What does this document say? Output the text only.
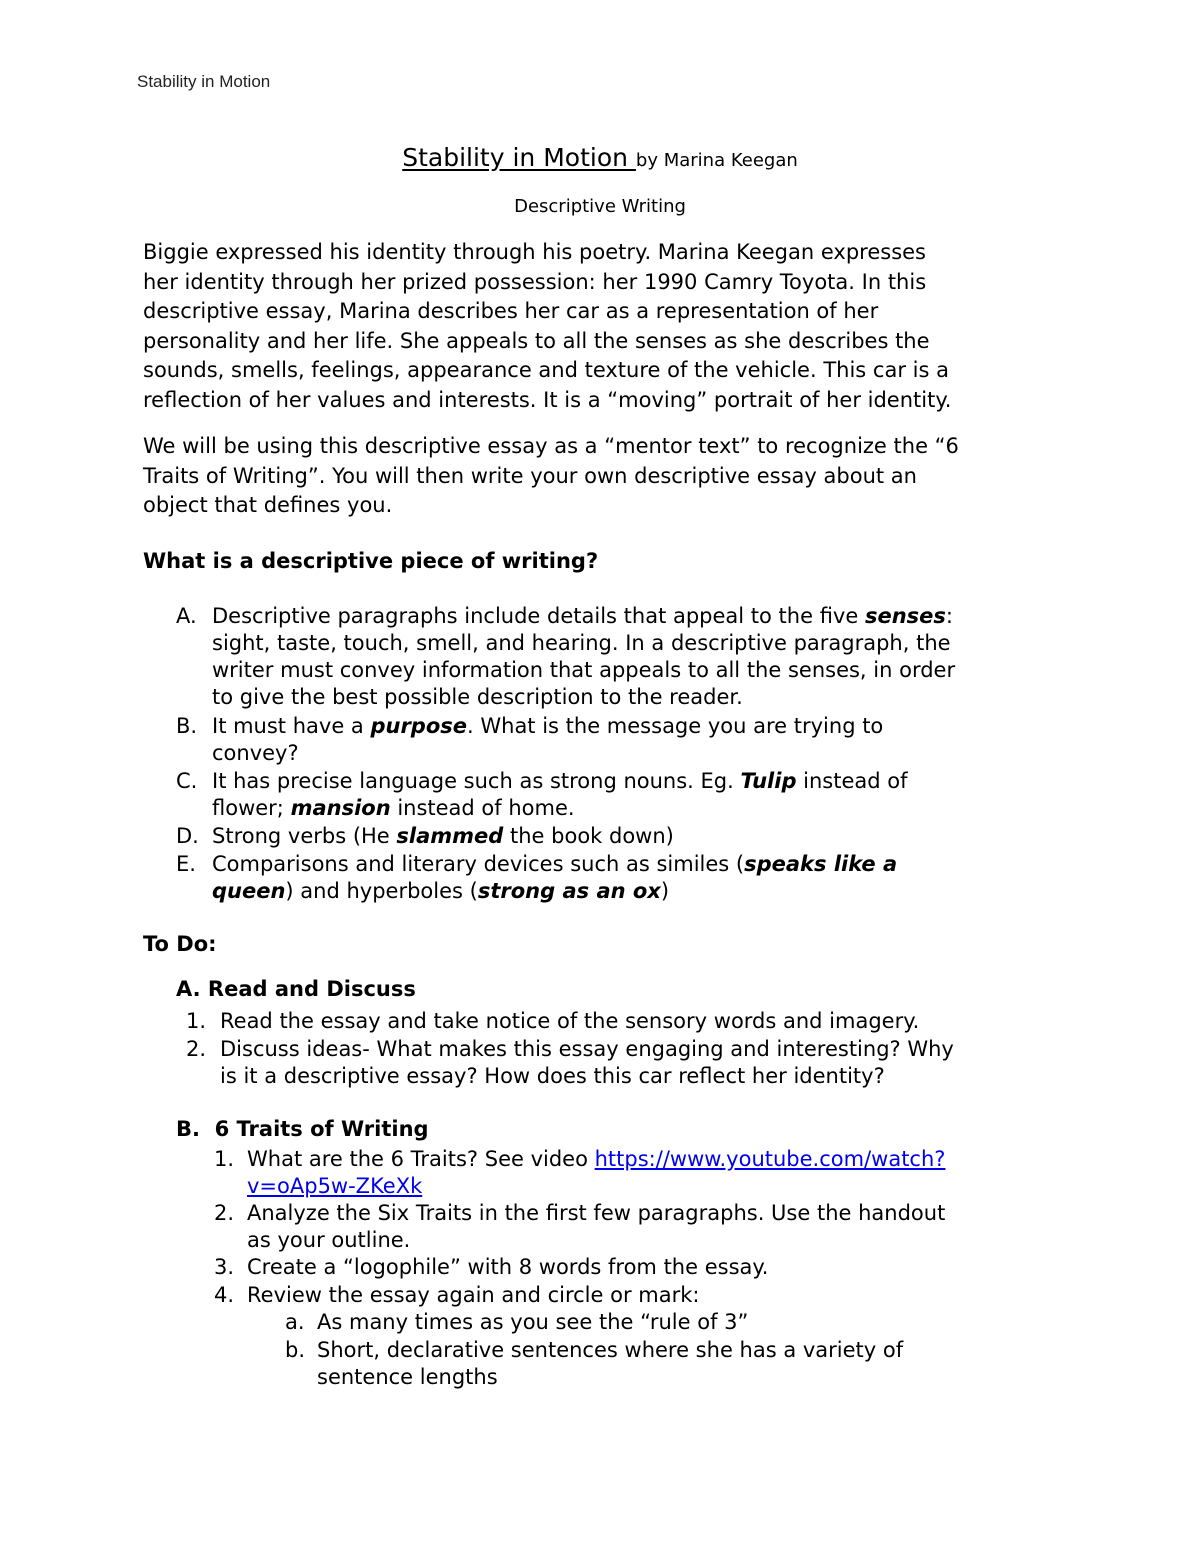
Stability in Motion
Stability in Motion by Marina Keegan
Descriptive Writing
Biggie expressed his identity through his poetry. Marina Keegan expresses
her identity through her prized possession: her 1990 Camry Toyota. In this
descriptive essay, Marina describes her car as a representation of her
personality and her life. She appeals to all the senses as she describes the
sounds, smells, feelings, appearance and texture of the vehicle. This car is a
reflection of her values and interests. It is a “moving” portrait of her identity.
We will be using this descriptive essay as a “mentor text” to recognize the “6
Traits of Writing”. You will then write your own descriptive essay about an
object that defines you.
What is a descriptive piece of writing?
A. Descriptive paragraphs include details that appeal to the five senses:
sight, taste, touch, smell, and hearing. In a descriptive paragraph, the
writer must convey information that appeals to all the senses, in order
to give the best possible description to the reader.
B. It must have a purpose. What is the message you are trying to
convey?
C. It has precise language such as strong nouns. Eg. Tulip instead of
flower; mansion instead of home.
D. Strong verbs (He slammed the book down)
E. Comparisons and literary devices such as similes (speaks like a
queen) and hyperboles (strong as an ox)
To Do:
A. Read and Discuss
1. Read the essay and take notice of the sensory words and imagery.
2. Discuss ideas- What makes this essay engaging and interesting? Why
is it a descriptive essay? How does this car reflect her identity?
B.  6 Traits of Writing
1. What are the 6 Traits? See video https://www.youtube.com/watch?
v=oAp5w-ZKeXk
2. Analyze the Six Traits in the first few paragraphs. Use the handout
as your outline.
3. Create a “logophile” with 8 words from the essay.
4. Review the essay again and circle or mark:
a. As many times as you see the “rule of 3”
b. Short, declarative sentences where she has a variety of
sentence lengths
